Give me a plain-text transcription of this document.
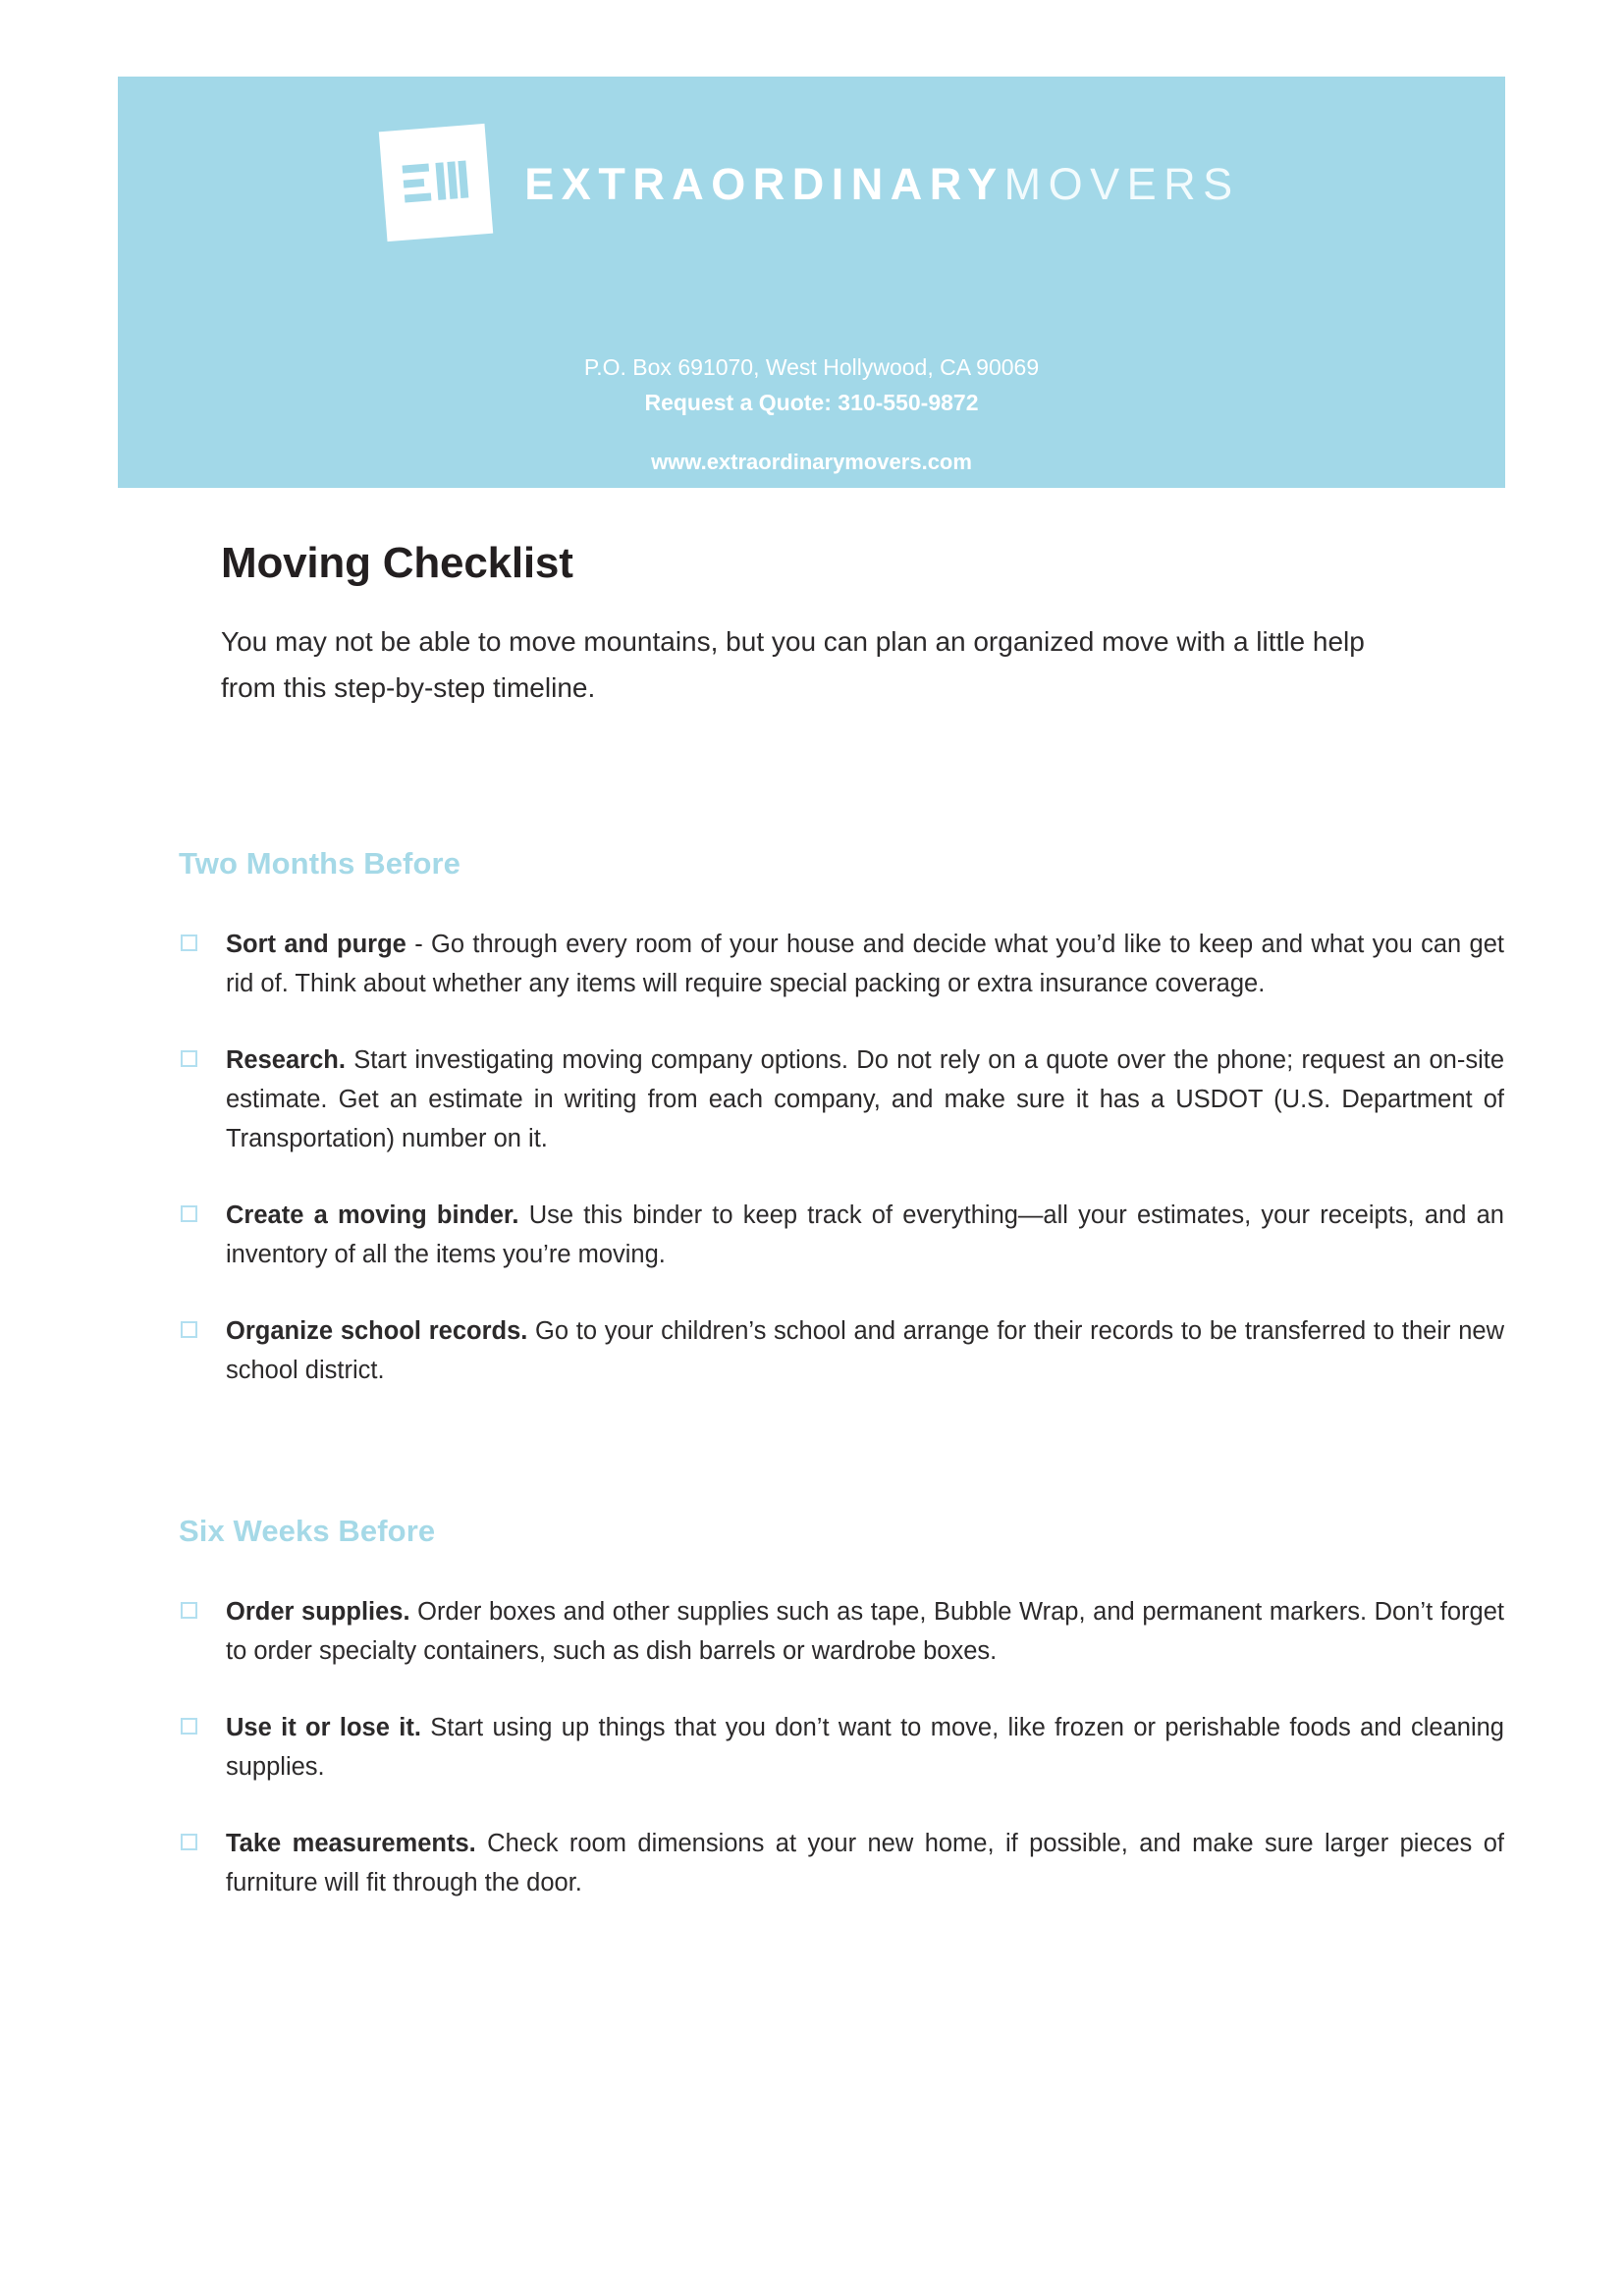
EXTRAORDINARYMOVERS
P.O. Box 691070, West Hollywood, CA 90069
Request a Quote: 310-550-9872
www.extraordinarymovers.com
Moving Checklist
You may not be able to move mountains, but you can plan an organized move with a little help from this step-by-step timeline.
Two Months Before
Sort and purge - Go through every room of your house and decide what you’d like to keep and what you can get rid of. Think about whether any items will require special packing or extra insurance coverage.
Research. Start investigating moving company options. Do not rely on a quote over the phone; request an on-site estimate. Get an estimate in writing from each company, and make sure it has a USDOT (U.S. Department of Transportation) number on it.
Create a moving binder. Use this binder to keep track of everything—all your estimates, your receipts, and an inventory of all the items you’re moving.
Organize school records. Go to your children’s school and arrange for their records to be transferred to their new school district.
Six Weeks Before
Order supplies. Order boxes and other supplies such as tape, Bubble Wrap, and permanent markers. Don’t forget to order specialty containers, such as dish barrels or wardrobe boxes.
Use it or lose it. Start using up things that you don’t want to move, like frozen or perishable foods and cleaning supplies.
Take measurements. Check room dimensions at your new home, if possible, and make sure larger pieces of furniture will fit through the door.
